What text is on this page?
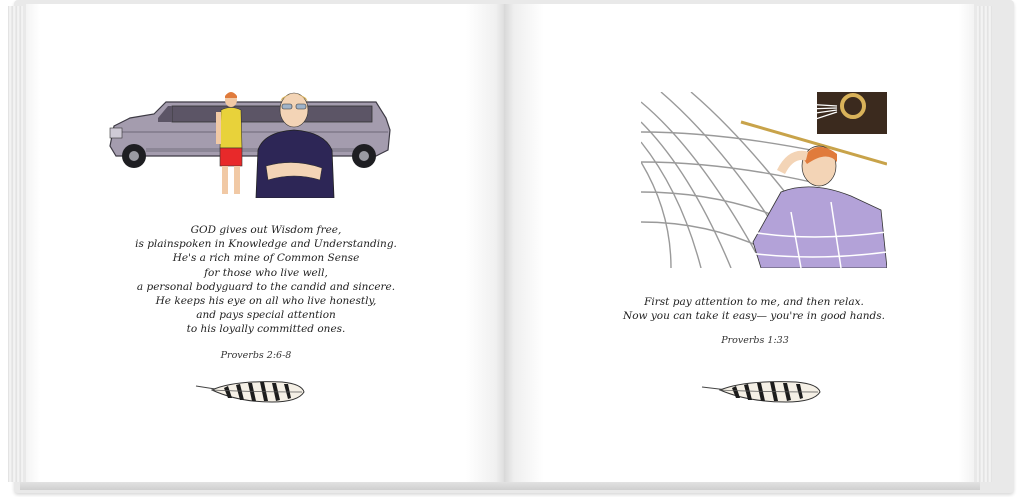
GOD gives out Wisdom free,
is plainspoken in Knowledge and Understanding.
He's a rich mine of Common Sense
for those who live well,
a personal bodyguard to the candid and sincere.
He keeps his eye on all who live honestly,
and pays special attention
to his loyally committed ones.
Proverbs 2:6-8
First pay attention to me, and then relax.
Now you can take it easy— you're in good hands.
Proverbs 1:33
